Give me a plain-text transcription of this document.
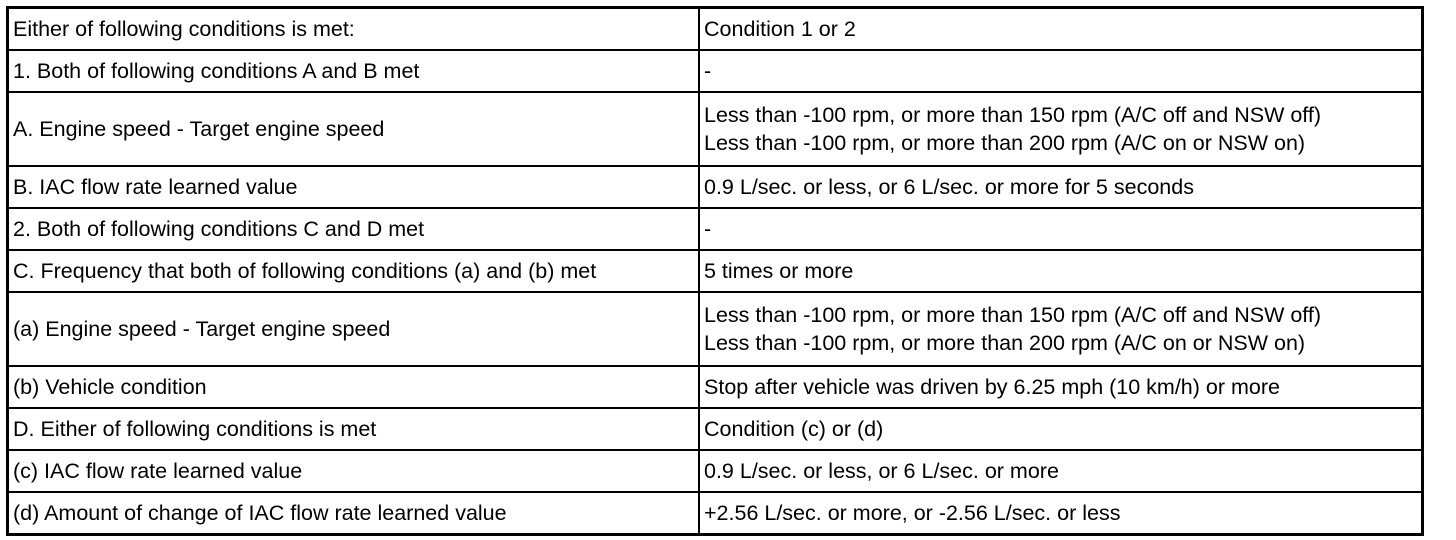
Either of following conditions is met:	Condition 1 or 2

1. Both of following conditions A and B met	-

A. Engine speed - Target engine speed	Less than -100 rpm, or more than 150 rpm (A/C off and NSW off)
Less than -100 rpm, or more than 200 rpm (A/C on or NSW on)

B. IAC flow rate learned value	0.9 L/sec. or less, or 6 L/sec. or more for 5 seconds

2. Both of following conditions C and D met	-

C. Frequency that both of following conditions (a) and (b) met	5 times or more

(a) Engine speed - Target engine speed	Less than -100 rpm, or more than 150 rpm (A/C off and NSW off)
Less than -100 rpm, or more than 200 rpm (A/C on or NSW on)

(b) Vehicle condition	Stop after vehicle was driven by 6.25 mph (10 km/h) or more

D. Either of following conditions is met	Condition (c) or (d)

(c) IAC flow rate learned value	0.9 L/sec. or less, or 6 L/sec. or more

(d) Amount of change of IAC flow rate learned value	+2.56 L/sec. or more, or -2.56 L/sec. or less
